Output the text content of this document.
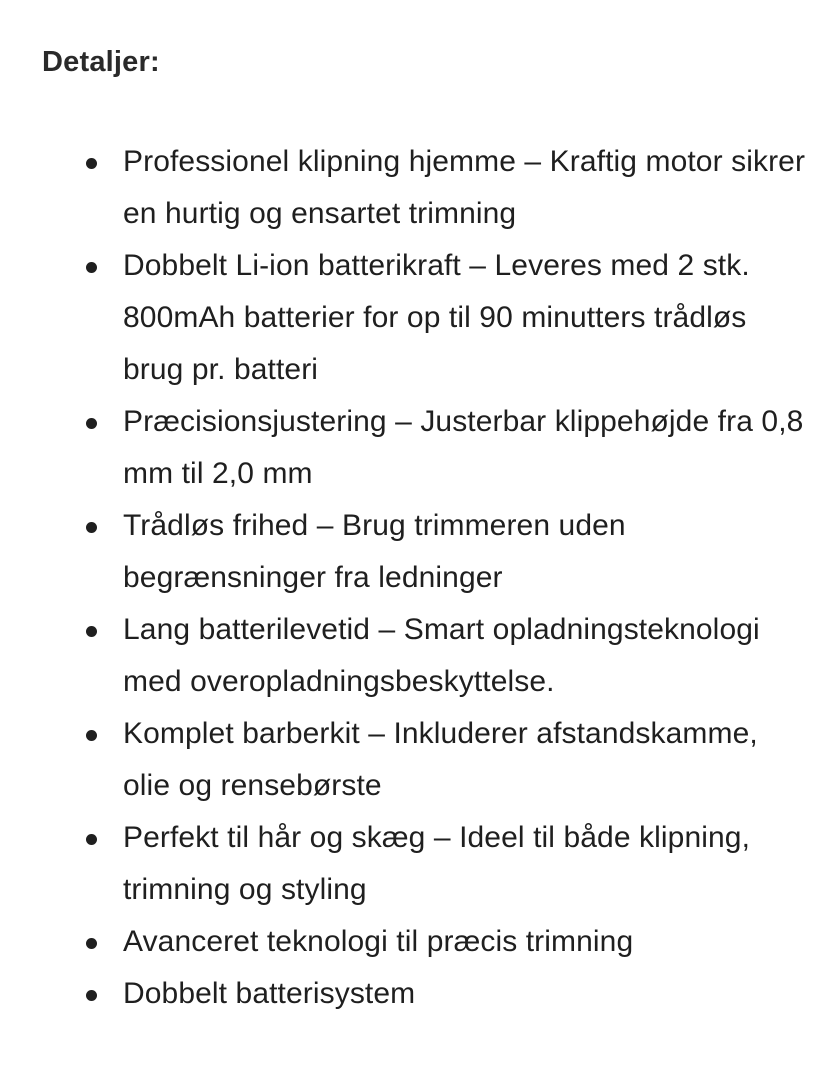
Detaljer:
Professionel klipning hjemme – Kraftig motor sikrer en hurtig og ensartet trimning
Dobbelt Li-ion batterikraft – Leveres med 2 stk. 800mAh batterier for op til 90 minutters trådløs brug pr. batteri
Præcisionsjustering – Justerbar klippehøjde fra 0,8 mm til 2,0 mm
Trådløs frihed – Brug trimmeren uden begrænsninger fra ledninger
Lang batterilevetid – Smart opladningsteknologi med overopladningsbeskyttelse.
Komplet barberkit – Inkluderer afstandskamme, olie og rensebørste
Perfekt til hår og skæg – Ideel til både klipning, trimning og styling
Avanceret teknologi til præcis trimning
Dobbelt batterisystem
